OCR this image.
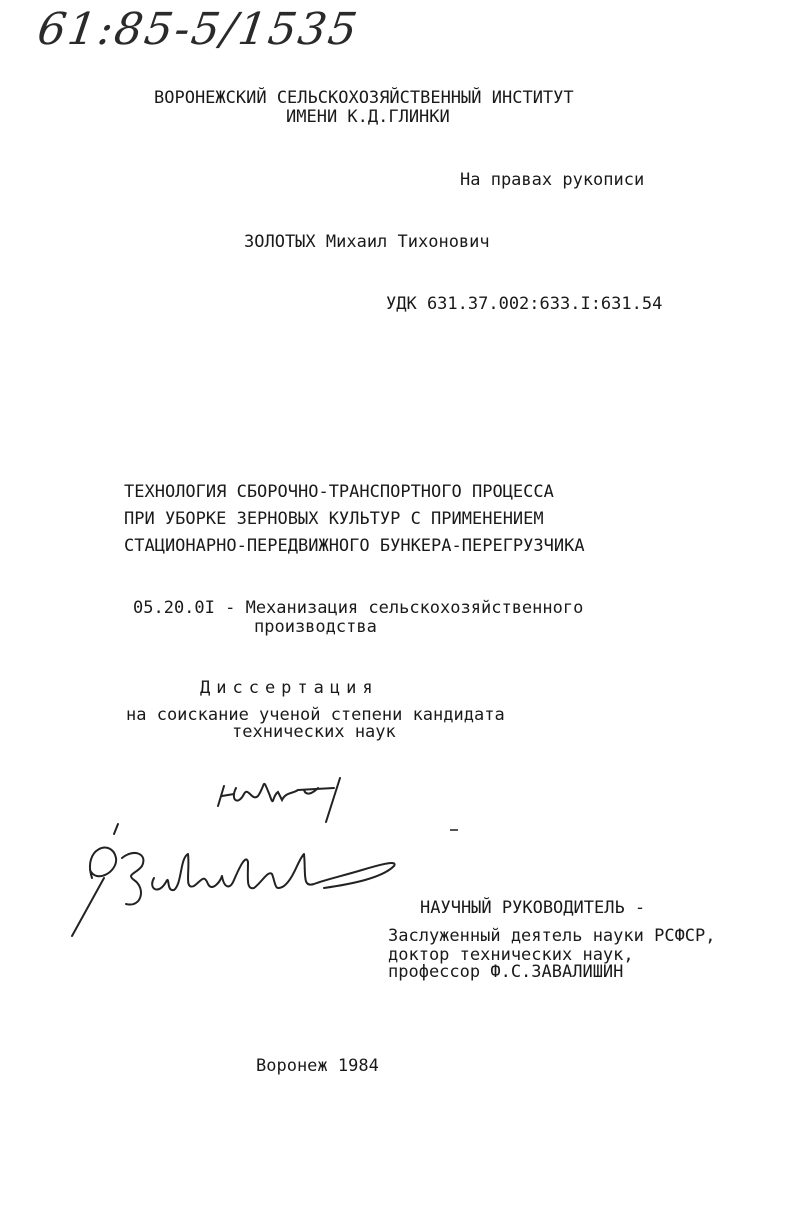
61:85-5/1535
ВОРОНЕЖСКИЙ СЕЛЬСКОХОЗЯЙСТВЕННЫЙ ИНСТИТУТ
ИМЕНИ К.Д.ГЛИНКИ
На правах рукописи
ЗОЛОТЫХ Михаил Тихонович
УДК 631.37.002:633.I:631.54
ТЕХНОЛОГИЯ СБОРОЧНО-ТРАНСПОРТНОГО ПРОЦЕССА
ПРИ УБОРКЕ ЗЕРНОВЫХ КУЛЬТУР С ПРИМЕНЕНИЕМ
СТАЦИОНАРНО-ПЕРЕДВИЖНОГО БУНКЕРА-ПЕРЕГРУЗЧИКА
05.20.0I - Механизация сельскохозяйственного
производства
Диссертация
на соискание ученой степени кандидата
технических наук
НАУЧНЫЙ РУКОВОДИТЕЛЬ -
Заслуженный деятель науки РСФСР,
доктор технических наук,
профессор Ф.С.ЗАВАЛИШИН
Воронеж 1984
